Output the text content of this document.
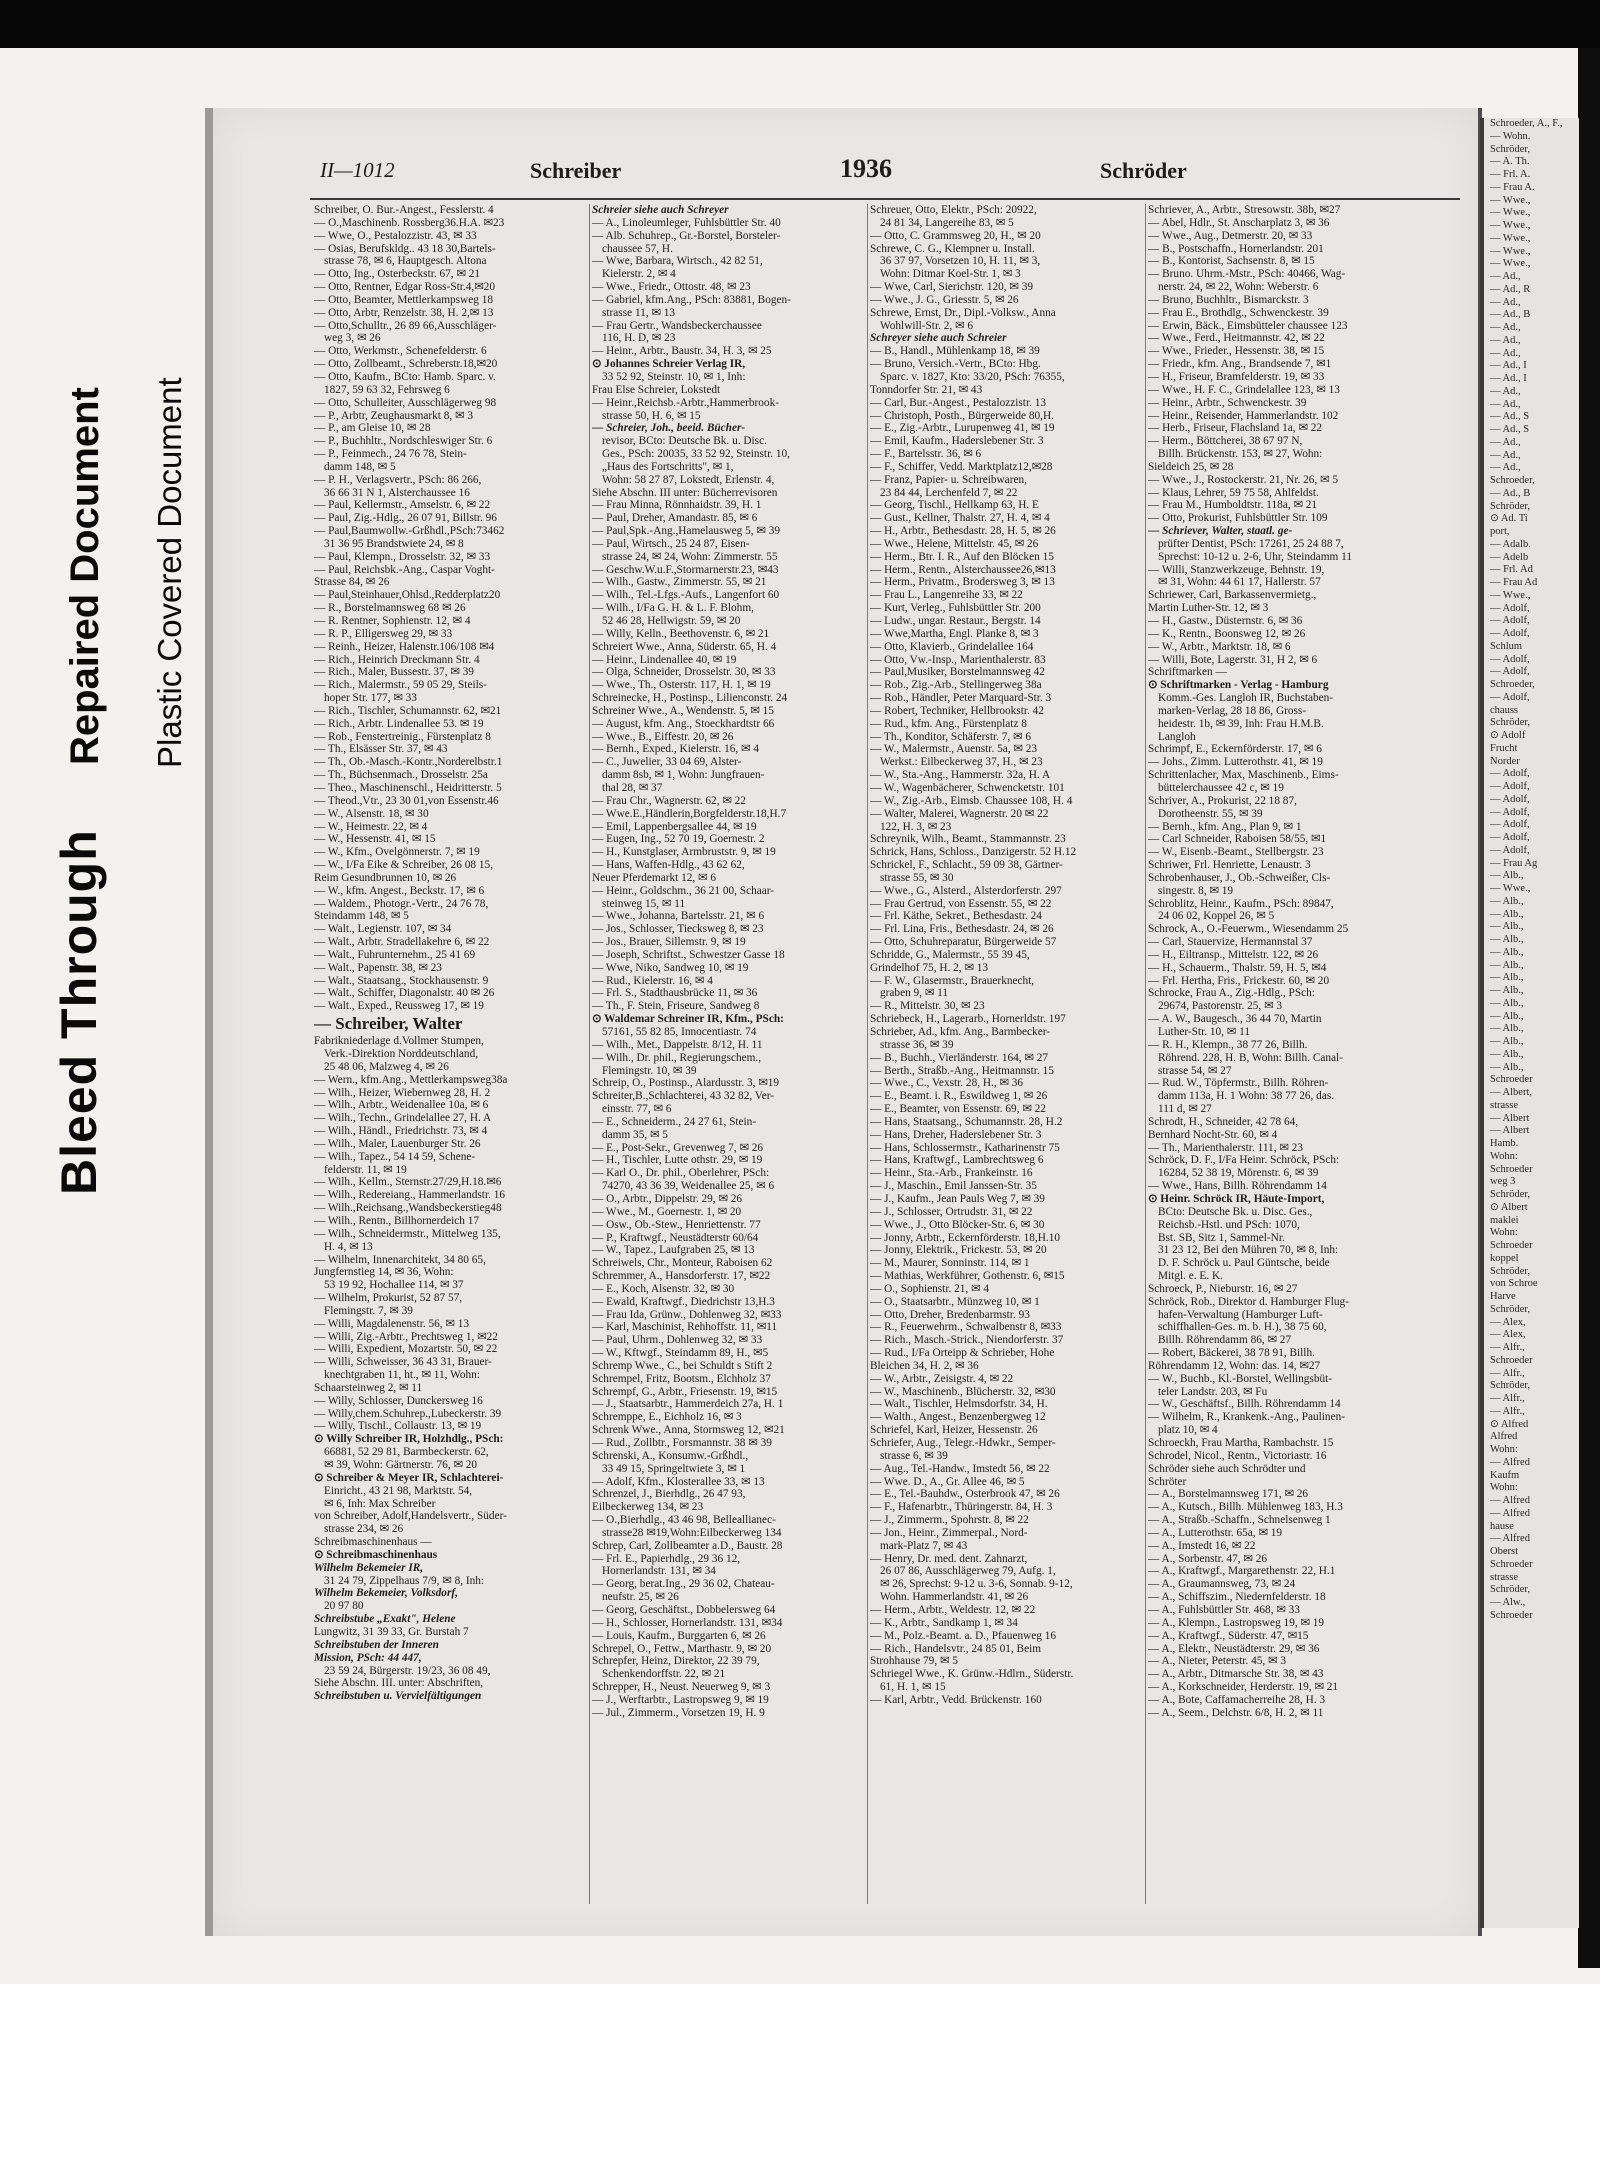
Bleed Through
Repaired Document Plastic Covered Document
Schroeder, A., F.,
— Wohn.
Schröder,
— A. Th.
— Frl. A.
— Frau A.
— Wwe.,
— Wwe.,
— Wwe.,
— Wwe.,
— Wwe.,
— Wwe.,
— Ad.,
— Ad., R
— Ad.,
— Ad., B
— Ad.,
— Ad.,
— Ad.,
— Ad., I
— Ad., I
— Ad.,
— Ad.,
— Ad., S
— Ad., S
— Ad.,
— Ad.,
— Ad.,
Schroeder,
— Ad., B
Schröder,
⊙ Ad. Ti
port,
— Adalb.
— Adelb
— Frl. Ad
— Frau Ad
— Wwe.,
— Adolf,
— Adolf,
— Adolf,
Schlum
— Adolf,
— Adolf,
Schroeder,
— Adolf,
chauss
Schröder,
⊙ Adolf
Frucht
Norder
— Adolf,
— Adolf,
— Adolf,
— Adolf,
— Adolf,
— Adolf,
— Adolf,
— Frau Ag
— Alb.,
— Wwe.,
— Alb.,
— Alb.,
— Alb.,
— Alb.,
— Alb.,
— Alb.,
— Alb.,
— Alb.,
— Alb.,
— Alb.,
— Alb.,
— Alb.,
— Alb.,
— Alb.,
Schroeder
— Albert,
strasse
— Albert
— Albert
Hamb.
Wohn:
Schroeder
weg 3
Schröder,
⊙ Albert
maklei
Wohn:
Schroeder
koppel
Schröder,
von Schroe
Harve
Schröder,
— Alex,
— Alex,
— Alfr.,
Schroeder
— Alfr.,
Schröder,
— Alfr.,
— Alfr.,
⊙ Alfred
Alfred
Wohn:
— Alfred
Kaufm
Wohn:
— Alfred
— Alfred
hause
— Alfred
Oberst
Schroeder
strasse
Schröder,
— Alw.,
Schroeder
II—1012	Schreiber	1936	Schröder
Schreiber, O. Bur.-Angest., Fesslerstr. 4
— O.,Maschinenb. Rossberg36.H.A. ✉23
— Wwe, O., Pestalozzistr. 43, ✉ 33
— Osias, Berufskldg.. 43 18 30,Bartels-
strasse 78, ✉ 6, Hauptgesch. Altona
— Otto, Ing., Osterbeckstr. 67, ✉ 21
— Otto, Rentner, Edgar Ross-Str.4,✉20
— Otto, Beamter, Mettlerkampsweg 18
— Otto, Arbtr, Renzelstr. 38, H. 2,✉ 13
— Otto,Schulltr., 26 89 66,Ausschläger-
weg 3, ✉ 26
— Otto, Werkmstr., Schenefelderstr. 6
— Otto, Zollbeamt., Schreberstr.18,✉20
— Otto, Kaufm., BCto: Hamb. Sparc. v.
1827, 59 63 32, Fehrsweg 6
— Otto, Schulleiter, Ausschlägerweg 98
— P., Arbtr, Zeughausmarkt 8, ✉ 3
— P., am Gleise 10, ✉ 28
— P., Buchhltr., Nordschleswiger Str. 6
— P., Feinmech., 24 76 78, Stein-
damm 148, ✉ 5
— P. H., Verlagsvertr., PSch: 86 266,
36 66 31 N 1, Alsterchaussee 16
— Paul, Kellermstr., Amselstr. 6, ✉ 22
— Paul, Zig.-Hdlg., 26 07 91, Billstr. 96
— Paul,Baumwollw.-Grßhdl.,PSch:73462
31 36 95 Brandstwiete 24, ✉ 8
— Paul, Klempn., Drosselstr. 32, ✉ 33
— Paul, Reichsbk.-Ang., Caspar Voght-
Strasse 84, ✉ 26
— Paul,Steinhauer,Ohlsd.,Redderplatz20
— R., Borstelmannsweg 68 ✉ 26
— R. Rentner, Sophienstr. 12, ✉ 4
— R. P., Elligersweg 29, ✉ 33
— Reinh., Heizer, Halenstr.106/108 ✉4
— Rich., Heinrich Dreckmann Str. 4
— Rich., Maler, Bussestr. 37, ✉ 39
— Rich., Malermstr., 59 05 29, Steils-
hoper Str. 177, ✉ 33
— Rich., Tischler, Schumannstr. 62, ✉21
— Rich., Arbtr. Lindenallee 53. ✉ 19
— Rob., Fenstertreinig., Fürstenplatz 8
— Th., Elsässer Str. 37, ✉ 43
— Th., Ob.-Masch.-Kontr.,Norderelbstr.1
— Th., Büchsenmach., Drosselstr. 25a
— Theo., Maschinenschl., Heidritterstr. 5
— Theod.,Vtr., 23 30 01,von Essenstr.46
— W., Alsenstr. 18, ✉ 30
— W., Heimestr. 22, ✉ 4
— W., Hessenstr. 41, ✉ 15
— W., Kfm., Ovelgönnerstr. 7, ✉ 19
— W., I/Fa Eike & Schreiber, 26 08 15,
Reim Gesundbrunnen 10, ✉ 26
— W., kfm. Angest., Beckstr. 17, ✉ 6
— Waldem., Photogr.-Vertr., 24 76 78,
Steindamm 148, ✉ 5
— Walt., Legienstr. 107, ✉ 34
— Walt., Arbtr. Stradellakehre 6, ✉ 22
— Walt., Fuhrunternehm., 25 41 69
— Walt., Papenstr. 38, ✉ 23
— Walt., Staatsang., Stockhausenstr. 9
— Walt., Schiffer, Diagonalstr. 40 ✉ 26
— Walt., Exped., Reussweg 17, ✉ 19
— Schreiber, Walter
Fabrikniederlage d.Vollmer Stumpen,
Verk.-Direktion Norddeutschland,
25 48 06, Malzweg 4, ✉ 26
— Wern., kfm.Ang., Mettlerkampsweg38a
— Wilh., Heizer, Wiebernweg 28, H. 2
— Wilh., Arbtr., Weidenallee 10a, ✉ 6
— Wilh., Techn., Grindelallee 27, H. A
— Wilh., Händl., Friedrichstr. 73, ✉ 4
— Wilh., Maler, Lauenburger Str. 26
— Wilh., Tapez., 54 14 59, Schene-
felderstr. 11, ✉ 19
— Wilh., Kellm., Sternstr.27/29,H.18.✉6
— Wilh., Redereiang., Hammerlandstr. 16
— Wilh.,Reichsang.,Wandsbeckerstieg48
— Wilh., Rentn., Billhornerdeich 17
— Wilh., Schneidermstr., Mittelweg 135,
H. 4, ✉ 13
— Wilhelm, Innenarchitekt, 34 80 65,
Jungfernstieg 14, ✉ 36, Wohn:
53 19 92, Hochallee 114, ✉ 37
— Wilhelm, Prokurist, 52 87 57,
Flemingstr. 7, ✉ 39
— Willi, Magdalenenstr. 56, ✉ 13
— Willi, Zig.-Arbtr., Prechtsweg 1, ✉22
— Willi, Expedient, Mozartstr. 50, ✉ 22
— Willi, Schweisser, 36 43 31, Brauer-
knechtgraben 11, ht., ✉ 11, Wohn:
Schaarsteinweg 2, ✉ 11
— Willy, Schlosser, Dunckersweg 16
— Willy,chem.Schuhrep.,Lubeckerstr. 39
— Willy, Tischl., Collaustr. 13, ✉ 19
⊙ Willy Schreiber IR, Holzhdlg., PSch:
66881, 52 29 81, Barmbeckerstr. 62,
✉ 39, Wohn: Gärtnerstr. 76, ✉ 20
⊙ Schreiber & Meyer IR, Schlachterei-
Einricht., 43 21 98, Marktstr. 54,
✉ 6, Inh: Max Schreiber
von Schreiber, Adolf,Handelsvertr., Süder-
strasse 234, ✉ 26
Schreibmaschinenhaus —
⊙ Schreibmaschinenhaus
Wilhelm Bekemeier IR,
31 24 79, Zippelhaus 7/9, ✉ 8, Inh:
Wilhelm Bekemeier, Volksdorf,
20 97 80
Schreibstube „Exakt", Helene
Lungwitz, 31 39 33, Gr. Burstah 7
Schreibstuben der Inneren
Mission, PSch: 44 447,
23 59 24, Bürgerstr. 19/23, 36 08 49,
Siehe Abschn. III. unter: Abschriften,
Schreibstuben u. Vervielfältigungen
Schreier siehe auch Schreyer
— A., Linoleumleger, Fuhlsbüttler Str. 40
— Alb. Schuhrep., Gr.-Borstel, Borsteler-
chaussee 57, H.
— Wwe, Barbara, Wirtsch., 42 82 51,
Kielerstr. 2, ✉ 4
— Wwe., Friedr., Ottostr. 48, ✉ 23
— Gabriel, kfm.Ang., PSch: 83881, Bogen-
strasse 11, ✉ 13
— Frau Gertr., Wandsbeckerchaussee
116, H. D, ✉ 23
— Heinr., Arbtr., Baustr. 34, H. 3, ✉ 25
⊙ Johannes Schreier Verlag IR,
33 52 92, Steinstr. 10, ✉ 1, Inh:
Frau Else Schreier, Lokstedt
— Heinr.,Reichsb.-Arbtr.,Hammerbrook-
strasse 50, H. 6, ✉ 15
— Schreier, Joh., beeid. Bücher-
revisor, BCto: Deutsche Bk. u. Disc.
Ges., PSch: 20035, 33 52 92, Steinstr. 10,
„Haus des Fortschritts", ✉ 1,
Wohn: 58 27 87, Lokstedt, Erlenstr. 4,
Siehe Abschn. III unter: Bücherrevisoren
— Frau Minna, Rönnhaidstr. 39, H. 1
— Paul, Dreher, Amandastr. 85, ✉ 6
— Paul,Spk.-Ang.,Hamelausweg 5, ✉ 39
— Paul, Wirtsch., 25 24 87, Eisen-
strasse 24, ✉ 24, Wohn: Zimmerstr. 55
— Geschw.W.u.F.,Stormarnerstr.23, ✉43
— Wilh., Gastw., Zimmerstr. 55, ✉ 21
— Wilh., Tel.-Lfgs.-Aufs., Langenfort 60
— Wilh., I/Fa G. H. & L. F. Blohm,
52 46 28, Hellwigstr. 59, ✉ 20
— Willy, Kelln., Beethovenstr. 6, ✉ 21
Schreiert Wwe., Anna, Süderstr. 65, H. 4
— Heinr., Lindenallee 40, ✉ 19
— Olga, Schneider, Drosselstr. 30, ✉ 33
— Wwe., Th., Osterstr. 117, H. 1, ✉ 19
Schreinecke, H., Postinsp., Lilienconstr. 24
Schreiner Wwe., A., Wendenstr. 5, ✉ 15
— August, kfm. Ang., Stoeckhardtstr 66
— Wwe., B., Eiffestr. 20, ✉ 26
— Bernh., Exped., Kielerstr. 16, ✉ 4
— C., Juwelier, 33 04 69, Alster-
damm 8sb, ✉ 1, Wohn: Jungfrauen-
thal 28, ✉ 37
— Frau Chr., Wagnerstr. 62, ✉ 22
— Wwe.E.,Händlerin,Borgfelderstr.18,H.7
— Emil, Lappenbergsallee 44, ✉ 19
— Eugen, Ing., 52 70 19, Goernestr. 2
— H., Kunstglaser, Armbruststr. 9, ✉ 19
— Hans, Waffen-Hdlg., 43 62 62,
Neuer Pferdemarkt 12, ✉ 6
— Heinr., Goldschm., 36 21 00, Schaar-
steinweg 15, ✉ 11
— Wwe., Johanna, Bartelsstr. 21, ✉ 6
— Jos., Schlosser, Tiecksweg 8, ✉ 23
— Jos., Brauer, Sillemstr. 9, ✉ 19
— Joseph, Schriftst., Schwestzer Gasse 18
— Wwe, Niko, Sandweg 10, ✉ 19
— Rud., Kielerstr. 16, ✉ 4
— Frl. S., Stadthausbrücke 11, ✉ 36
— Th., F. Stein, Friseure, Sandweg 8
⊙ Waldemar Schreiner IR, Kfm., PSch:
57161, 55 82 85, Innocentiastr. 74
— Wilh., Met., Dappelstr. 8/12, H. 11
— Wilh., Dr. phil., Regierungschem.,
Flemingstr. 10, ✉ 39
Schreip, O., Postinsp., Alardusstr. 3, ✉19
Schreiter,B.,Schlachterei, 43 32 82, Ver-
einsstr. 77, ✉ 6
— E., Schneiderm., 24 27 61, Stein-
damm 35, ✉ 5
— E., Post-Sekr., Grevenweg 7, ✉ 26
— H., Tischler, Lutte othstr. 29, ✉ 19
— Karl O., Dr. phil., Oberlehrer, PSch:
74270, 43 36 39, Weidenallee 25, ✉ 6
— O., Arbtr., Dippelstr. 29, ✉ 26
— Wwe., M., Goernestr. 1, ✉ 20
— Osw., Ob.-Stew., Henriettenstr. 77
— P., Kraftwgf., Neustädterstr 60/64
— W., Tapez., Laufgraben 25, ✉ 13
Schreiwels, Chr., Monteur, Raboisen 62
Schremmer, A., Hansdorferstr. 17, ✉22
— E., Koch, Alsenstr. 32, ✉ 30
— Ewald, Kraftwgf., Diedrichstr 13,H.3
— Frau Ida, Grünw., Dohlenweg 32, ✉33
— Karl, Maschinist, Rehhoffstr. 11, ✉11
— Paul, Uhrm., Dohlenweg 32, ✉ 33
— W., Kftwgf., Steindamm 89, H., ✉5
Schremp Wwe., C., bei Schuldt s Stift 2
Schrempel, Fritz, Bootsm., Elchholz 37
Schrempf, G., Arbtr., Friesenstr. 19, ✉15
— J., Staatsarbtr., Hammerdeich 27a, H. 1
Schremppe, E., Eichholz 16, ✉ 3
Schrenk Wwe., Anna, Stormsweg 12, ✉21
— Rud., Zollbtr., Forsmannstr. 38 ✉ 39
Schrenski, A., Konsumw.-Grßhdl.,
33 49 15, Springeltwiete 3, ✉ 1
— Adolf, Kfm., Klosterallee 33, ✉ 13
Schrenzel, J., Bierhdlg., 26 47 93,
Eilbeckerweg 134, ✉ 23
— O.,Bierhdlg., 43 46 98, Belleallianec-
strasse28 ✉19,Wohn:Eilbeckerweg 134
Schrep, Carl, Zollbeamter a.D., Baustr. 28
— Frl. E., Papierhdlg., 29 36 12,
Hornerlandstr. 131, ✉ 34
— Georg, berat.Ing., 29 36 02, Chateau-
neufstr. 25, ✉ 26
— Georg, Geschäftst., Dobbelersweg 64
— H., Schlosser, Hornerlandstr. 131, ✉34
— Louis, Kaufm., Burggarten 6, ✉ 26
Schrepel, O., Fettw., Marthastr. 9, ✉ 20
Schrepfer, Heinz, Direktor, 22 39 79,
Schenkendorffstr. 22, ✉ 21
Schrepper, H., Neust. Neuerweg 9, ✉ 3
— J., Werftarbtr., Lastropsweg 9, ✉ 19
— Jul., Zimmerm., Vorsetzen 19, H. 9
Schreuer, Otto, Elektr., PSch: 20922,
24 81 34, Langereihe 83, ✉ 5
— Otto, C. Grammsweg 20, H., ✉ 20
Schrewe, C. G., Klempner u. Install.
36 37 97, Vorsetzen 10, H. 11, ✉ 3,
Wohn: Ditmar Koel-Str. 1, ✉ 3
— Wwe, Carl, Sierichstr. 120, ✉ 39
— Wwe., J. G., Griesstr. 5, ✉ 26
Schrewe, Ernst, Dr., Dipl.-Volksw., Anna
Wohlwill-Str. 2, ✉ 6
Schreyer siehe auch Schreier
— B., Handl., Mühlenkamp 18, ✉ 39
— Bruno, Versich.-Vertr., BCto: Hbg.
Sparc. v. 1827, Kto: 33/20, PSch: 76355,
Tonndorfer Str. 21, ✉ 43
— Carl, Bur.-Angest., Pestalozzistr. 13
— Christoph, Posth., Bürgerweide 80,H.
— E., Zig.-Arbtr., Lurupenweg 41, ✉ 19
— Emil, Kaufm., Haderslebener Str. 3
— F., Bartelsstr. 36, ✉ 6
— F., Schiffer, Vedd. Marktplatz12,✉28
— Franz, Papier- u. Schreibwaren,
23 84 44, Lerchenfeld 7, ✉ 22
— Georg, Tischl., Hellkamp 63, H. E
— Gust., Kellner, Thalstr. 27, H. 4, ✉ 4
— H., Arbtr., Bethesdastr. 28, H. 5, ✉ 26
— Wwe., Helene, Mittelstr. 45, ✉ 26
— Herm., Btr. I. R., Auf den Blöcken 15
— Herm., Rentn., Alsterchaussee26,✉13
— Herm., Privatm., Brodersweg 3, ✉ 13
— Frau L., Langenreihe 33, ✉ 22
— Kurt, Verleg., Fuhlsbüttler Str. 200
— Ludw., ungar. Restaur., Bergstr. 14
— Wwe,Martha, Engl. Planke 8, ✉ 3
— Otto, Klavierb., Grindelallee 164
— Otto, Vw.-Insp., Marienthalerstr. 83
— Paul,Musiker, Borstelmannsweg 42
— Rob., Zig.-Arb., Stellingerweg 38a
— Rob., Händler, Peter Marquard-Str. 3
— Robert, Techniker, Hellbrookstr. 42
— Rud., kfm. Ang., Fürstenplatz 8
— Th., Konditor, Schäferstr. 7, ✉ 6
— W., Malermstr., Auenstr. 5a, ✉ 23
Werkst.: Eilbeckerweg 37, H., ✉ 23
— W., Sta.-Ang., Hammerstr. 32a, H. A
— W., Wagenbächerer, Schwencketstr. 101
— W., Zig.-Arb., Eimsb. Chaussee 108, H. 4
— Walter, Malerei, Wagnerstr. 20 ✉ 22
122, H. 3, ✉ 23
Schreynik, Wilh., Beamt., Stammannstr. 23
Schrick, Hans, Schloss., Danzigerstr. 52 H.12
Schrickel, F., Schlacht., 59 09 38, Gärtner-
strasse 55, ✉ 30
— Wwe., G., Alsterd., Alsterdorferstr. 297
— Frau Gertrud, von Essenstr. 55, ✉ 22
— Frl. Käthe, Sekret., Bethesdastr. 24
— Frl. Lina, Fris., Bethesdastr. 24, ✉ 26
— Otto, Schuhreparatur, Bürgerweide 57
Schridde, G., Malermstr., 55 39 45,
Grindelhof 75, H. 2, ✉ 13
— F. W., Glasermstr., Brauerknecht,
graben 9, ✉ 11
— R., Mittelstr. 30, ✉ 23
Schriebeck, H., Lagerarb., Hornerldstr. 197
Schrieber, Ad., kfm. Ang., Barmbecker-
strasse 36, ✉ 39
— B., Buchh., Vierländerstr. 164, ✉ 27
— Berth., Straßb.-Ang., Heitmannstr. 15
— Wwe., C., Vexstr. 28, H., ✉ 36
— E., Beamt. i. R., Eswildweg 1, ✉ 26
— E., Beamter, von Essenstr. 69, ✉ 22
— Hans, Staatsang., Schumannstr. 28, H.2
— Hans, Dreher, Haderslebener Str. 3
— Hans, Schlossermstr., Katharinenstr 75
— Hans, Kraftwgf., Lambrechtsweg 6
— Heinr., Sta.-Arb., Frankeinstr. 16
— J., Maschin., Emil Janssen-Str. 35
— J., Kaufm., Jean Pauls Weg 7, ✉ 39
— J., Schlosser, Ortrudstr. 31, ✉ 22
— Wwe., J., Otto Blöcker-Str. 6, ✉ 30
— Jonny, Arbtr., Eckernförderstr. 18,H.10
— Jonny, Elektrik., Frickestr. 53, ✉ 20
— M., Maurer, Sonninstr. 114, ✉ 1
— Mathias, Werkführer, Gothenstr. 6, ✉15
— O., Sophienstr. 21, ✉ 4
— O., Staatsarbtr., Münzweg 10, ✉ 1
— Otto, Dreher, Bredenbarmstr. 93
— R., Feuerwehrm., Schwalbenstr 8, ✉33
— Rich., Masch.-Strick., Niendorferstr. 37
— Rud., I/Fa Orteipp & Schrieber, Hohe
Bleichen 34, H. 2, ✉ 36
— W., Arbtr., Zeisigstr. 4, ✉ 22
— W., Maschinenb., Blücherstr. 32, ✉30
— Walt., Tischler, Helmsdorfstr. 34, H.
— Walth., Angest., Benzenbergweg 12
Schriefel, Karl, Heizer, Hessenstr. 26
Schriefer, Aug., Telegr.-Hdwkr., Semper-
strasse 6, ✉ 39
— Aug., Tel.-Handw., Imstedt 56, ✉ 22
— Wwe. D., A., Gr. Allee 46, ✉ 5
— E., Tel.-Bauhdw., Osterbrook 47, ✉ 26
— F., Hafenarbtr., Thüringerstr. 84, H. 3
— J., Zimmerm., Spohrstr. 8, ✉ 22
— Jon., Heinr., Zimmerpal., Nord-
mark-Platz 7, ✉ 43
— Henry, Dr. med. dent. Zahnarzt,
26 07 86, Ausschlägerweg 79, Aufg. 1,
✉ 26, Sprechst: 9-12 u. 3-6, Sonnab. 9-12,
Wohn. Hammerlandstr. 41, ✉ 26
— Herm., Arbtr., Weldestr. 12, ✉ 22
— K., Arbtr., Sandkamp 1, ✉ 34
— M., Polz.-Beamt. a. D., Pfauenweg 16
— Rich., Handelsvtr., 24 85 01, Beim
Strohhause 79, ✉ 5
Schriegel Wwe., K. Grünw.-Hdlrn., Süderstr.
61, H. 1, ✉ 15
— Karl, Arbtr., Vedd. Brückenstr. 160
Schriever, A., Arbtr., Stresowstr. 38b, ✉27
— Abel, Hdlr., St. Anscharplatz 3, ✉ 36
— Wwe., Aug., Detmerstr. 20, ✉ 33
— B., Postschaffn., Hornerlandstr. 201
— B., Kontorist, Sachsenstr. 8, ✉ 15
— Bruno. Uhrm.-Mstr., PSch: 40466, Wag-
nerstr. 24, ✉ 22, Wohn: Weberstr. 6
— Bruno, Buchhltr., Bismarckstr. 3
— Frau E., Brothdlg., Schwenckestr. 39
— Erwin, Bäck., Eimsbütteler chaussee 123
— Wwe., Ferd., Heitmannstr. 42, ✉ 22
— Wwe., Frieder., Hessenstr. 38, ✉ 15
— Friedr., kfm. Ang., Brandsende 7, ✉1
— H., Friseur, Bramfelderstr. 19, ✉ 33
— Wwe., H. F. C., Grindelallee 123, ✉ 13
— Heinr., Arbtr., Schwenckestr. 39
— Heinr., Reisender, Hammerlandstr. 102
— Herb., Friseur, Flachsland 1a, ✉ 22
— Herm., Böttcherei, 38 67 97 N,
Billh. Brückenstr. 153, ✉ 27, Wohn:
Sieldeich 25, ✉ 28
— Wwe., J., Rostockerstr. 21, Nr. 26, ✉ 5
— Klaus, Lehrer, 59 75 58, Ahlfeldst.
— Frau M., Humboldtstr. 118a, ✉ 21
— Otto, Prokurist, Fuhlsbüttler Str. 109
— Schriever, Walter, staatl. ge-
prüfter Dentist, PSch: 17261, 25 24 88 7,
Sprechst: 10-12 u. 2-6, Uhr, Steindamm 11
— Willi, Stanzwerkzeuge, Behnstr. 19,
✉ 31, Wohn: 44 61 17, Hallerstr. 57
Schriewer, Carl, Barkassenvermietg.,
Martin Luther-Str. 12, ✉ 3
— H., Gastw., Düsternstr. 6, ✉ 36
— K., Rentn., Boonsweg 12, ✉ 26
— W., Arbtr., Marktstr. 18, ✉ 6
— Willi, Bote, Lagerstr. 31, H 2, ✉ 6
Schriftmarken —
⊙ Schriftmarken - Verlag - Hamburg
Komm.-Ges. Langloh IR, Buchstaben-
marken-Verlag, 28 18 86, Gross-
heidestr. 1b, ✉ 39, Inh: Frau H.M.B.
Langloh
Schrimpf, E., Eckernförderstr. 17, ✉ 6
— Johs., Zimm. Lutterothstr. 41, ✉ 19
Schrittenlacher, Max, Maschinenb., Eims-
büttelerchaussee 42 c, ✉ 19
Schriver, A., Prokurist, 22 18 87,
Dorotheenstr. 55, ✉ 39
— Bernh., kfm. Ang., Plan 9, ✉ 1
— Carl Schneider, Raboisen 58/55, ✉1
— W., Eisenb.-Beamt., Stellbergstr. 23
Schriwer, Frl. Henriette, Lenaustr. 3
Schrobenhauser, J., Ob.-Schweißer, Cls-
singestr. 8, ✉ 19
Schroblitz, Heinr., Kaufm., PSch: 89847,
24 06 02, Koppel 26, ✉ 5
Schrock, A., O.-Feuerwm., Wiesendamm 25
— Carl, Stauervize, Hermannstal 37
— H., Eiltransp., Mittelstr. 122, ✉ 26
— H., Schauerm., Thalstr. 59, H. 5, ✉4
— Frl. Hertha, Fris., Frickestr. 60, ✉ 20
Schrocke, Frau A., Zig.-Hdlg., PSch:
29674, Pastorenstr. 25, ✉ 3
— A. W., Baugesch., 36 44 70, Martin
Luther-Str. 10, ✉ 11
— R. H., Klempn., 38 77 26, Billh.
Röhrend. 228, H. B, Wohn: Billh. Canal-
strasse 54, ✉ 27
— Rud. W., Töpfermstr., Billh. Röhren-
damm 113a, H. 1 Wohn: 38 77 26, das.
111 d, ✉ 27
Schrodt, H., Schneider, 42 78 64,
Bernhard Nocht-Str. 60, ✉ 4
— Th., Marienthalerstr. 111, ✉ 23
Schröck, D. F., I/Fa Heinr. Schröck, PSch:
16284, 52 38 19, Mörenstr. 6, ✉ 39
— Wwe., Hans, Billh. Röhrendamm 14
⊙ Heinr. Schröck IR, Häute-Import,
BCto: Deutsche Bk. u. Disc. Ges.,
Reichsb.-Hstl. und PSch: 1070,
Bst. SB, Sitz 1, Sammel-Nr.
31 23 12, Bei den Mühren 70, ✉ 8, Inh:
D. F. Schröck u. Paul Güntsche, beide
Mitgl. e. E. K.
Schroeck, P., Nieburstr. 16, ✉ 27
Schröck, Rob., Direktor d. Hamburger Flug-
hafen-Verwaltung (Hamburger Luft-
schiffhallen-Ges. m. b. H.), 38 75 60,
Billh. Röhrendamm 86, ✉ 27
— Robert, Bäckerei, 38 78 91, Billh.
Röhrendamm 12, Wohn: das. 14, ✉27
— W., Buchb., Kl.-Borstel, Wellingsbüt-
teler Landstr. 203, ✉ Fu
— W., Geschäftsf., Billh. Röhrendamm 14
— Wilhelm, R., Krankenk.-Ang., Paulinen-
platz 10, ✉ 4
Schroeckh, Frau Martha, Rambachstr. 15
Schrodel, Nicol., Rentn., Victoriastr. 16
Schröder siehe auch Schrödter und
Schröter
— A., Borstelmannsweg 171, ✉ 26
— A., Kutsch., Billh. Mühlenweg 183, H.3
— A., Straßb.-Schaffn., Schnelsenweg 1
— A., Lutterothstr. 65a, ✉ 19
— A., Imstedt 16, ✉ 22
— A., Sorbenstr. 47, ✉ 26
— A., Kraftwgf., Margarethenstr. 22, H.1
— A., Graumannsweg, 73, ✉ 24
— A., Schiffszim., Niedernfelderstr. 18
— A., Fuhlsbüttler Str. 468, ✉ 33
— A., Klempn., Lastropsweg 19, ✉ 19
— A., Kraftwgf., Süderstr. 47, ✉15
— A., Elektr., Neustädterstr. 29, ✉ 36
— A., Nieter, Peterstr. 45, ✉ 3
— A., Arbtr., Ditmarsche Str. 38, ✉ 43
— A., Korkschneider, Herderstr. 19, ✉ 21
— A., Bote, Caffamacherreihe 28, H. 3
— A., Seem., Delchstr. 6/8, H. 2, ✉ 11
